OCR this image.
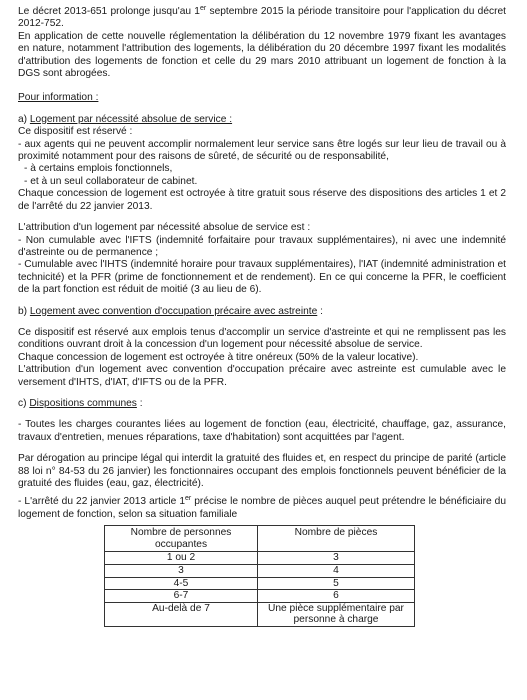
Le décret 2013-651 prolonge jusqu'au 1er septembre 2015 la période transitoire pour l'application du décret 2012-752.

En application de cette nouvelle réglementation la délibération du 12 novembre 1979 fixant les avantages en nature, notamment l'attribution des logements, la délibération du 20 décembre 1997 fixant les modalités d'attribution des logements de fonction et celle du 29 mars 2010 attribuant un logement de fonction à la DGS sont abrogées.

Pour information :

a) Logement par nécessité absolue de service :

Ce dispositif est réservé :

- aux agents qui ne peuvent accomplir normalement leur service sans être logés sur leur lieu de travail ou à proximité notamment pour des raisons de sûreté, de sécurité ou de responsabilité,

- à certains emplois fonctionnels,

- et à un seul collaborateur de cabinet.

Chaque concession de logement est octroyée à titre gratuit sous réserve des dispositions des articles 1 et 2 de l'arrêté du 22 janvier 2013.

L'attribution d'un logement par nécessité absolue de service est :

- Non cumulable avec l'IFTS (indemnité forfaitaire pour travaux supplémentaires), ni avec une indemnité d'astreinte ou de permanence ;

- Cumulable avec l'IHTS (indemnité horaire pour travaux supplémentaires), l'IAT (indemnité administration et technicité) et la PFR (prime de fonctionnement et de rendement). En ce qui concerne la PFR, le coefficient de la part fonction est réduit de moitié (3 au lieu de 6).

b) Logement avec convention d'occupation précaire avec astreinte :

Ce dispositif est réservé aux emplois tenus d'accomplir un service d'astreinte et qui ne remplissent pas les conditions ouvrant droit à la concession d'un logement pour nécessité absolue de service.

Chaque concession de logement est octroyée à titre onéreux (50% de la valeur locative).

L'attribution d'un logement avec convention d'occupation précaire avec astreinte est cumulable avec le versement d'IHTS, d'IAT, d'IFTS ou de la PFR.

c) Dispositions communes :

- Toutes les charges courantes liées au logement de fonction (eau, électricité, chauffage, gaz, assurance, travaux d'entretien, menues réparations, taxe d'habitation) sont acquittées par l'agent.

Par dérogation au principe légal qui interdit la gratuité des fluides et, en respect du principe de parité (article 88 loi n° 84-53 du 26 janvier) les fonctionnaires occupant des emplois fonctionnels peuvent bénéficier de la gratuité des fluides (eau, gaz, électricité).

- L'arrêté du 22 janvier 2013 article 1er précise le nombre de pièces auquel peut prétendre le bénéficiaire du logement de fonction, selon sa situation familiale

Nombre de personnes occupantes	Nombre de pièces
1 ou 2	3
3	4
4-5	5
6-7	6
Au-delà de 7	Une pièce supplémentaire par personne à charge
